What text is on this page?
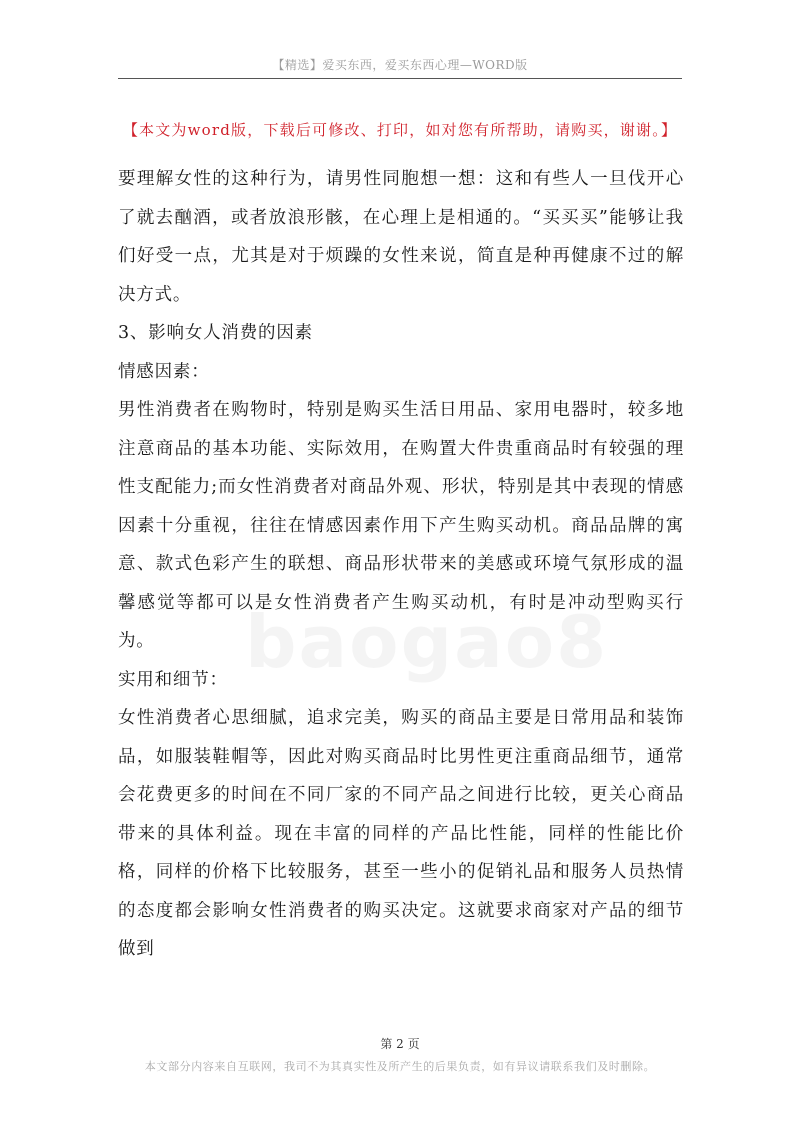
【精选】爱买东西，爱买东西心理—WORD版
【本文为word版，下载后可修改、打印，如对您有所帮助，请购买，谢谢。】

要理解女性的这种行为，请男性同胞想一想：这和有些人一旦伐开心了就去酗酒，或者放浪形骸，在心理上是相通的。“买买买”能够让我们好受一点，尤其是对于烦躁的女性来说，简直是种再健康不过的解决方式。

3、影响女人消费的因素

情感因素：

男性消费者在购物时，特别是购买生活日用品、家用电器时，较多地注意商品的基本功能、实际效用，在购置大件贵重商品时有较强的理性支配能力;而女性消费者对商品外观、形状，特别是其中表现的情感因素十分重视，往往在情感因素作用下产生购买动机。商品品牌的寓意、款式色彩产生的联想、商品形状带来的美感或环境气氛形成的温馨感觉等都可以是女性消费者产生购买动机，有时是冲动型购买行为。

实用和细节：

女性消费者心思细腻，追求完美，购买的商品主要是日常用品和装饰品，如服装鞋帽等，因此对购买商品时比男性更注重商品细节，通常会花费更多的时间在不同厂家的不同产品之间进行比较，更关心商品带来的具体利益。现在丰富的同样的产品比性能，同样的性能比价格，同样的价格下比较服务，甚至一些小的促销礼品和服务人员热情的态度都会影响女性消费者的购买决定。这就要求商家对产品的细节做到

第 2 页
本文部分内容来自互联网，我司不为其真实性及所产生的后果负责，如有异议请联系我们及时删除。
